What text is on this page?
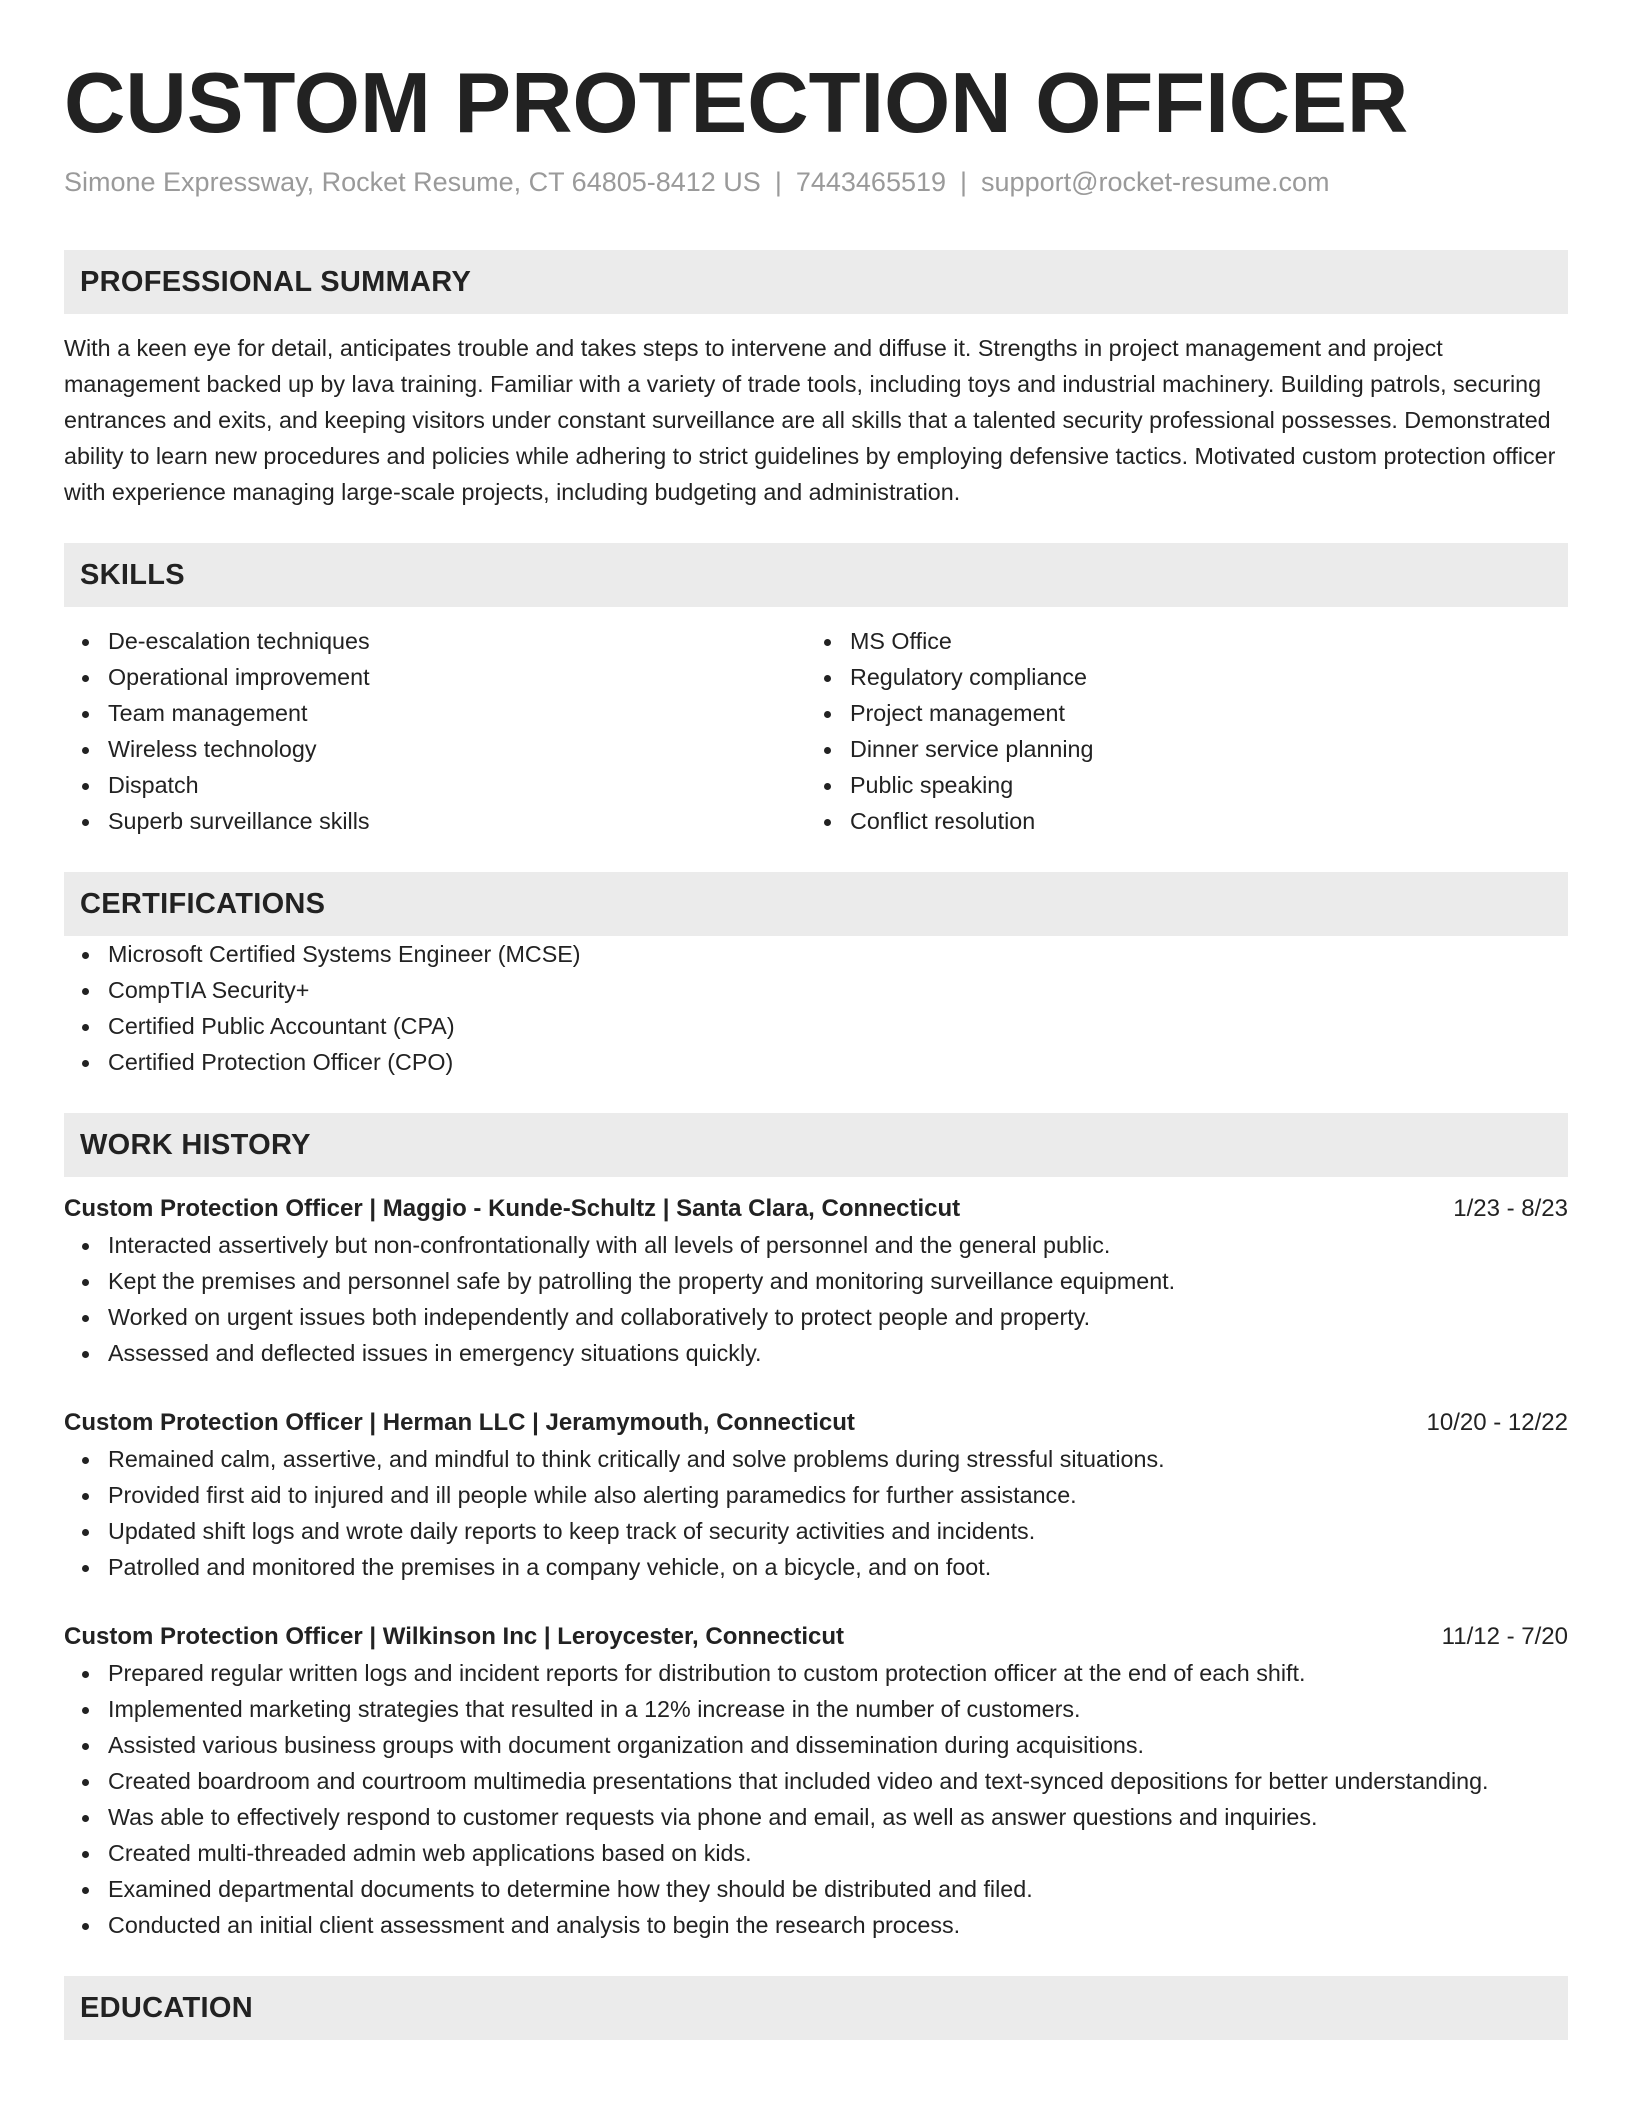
CUSTOM PROTECTION OFFICER
Simone Expressway, Rocket Resume, CT 64805-8412 US | 7443465519 | support@rocket-resume.com
PROFESSIONAL SUMMARY
With a keen eye for detail, anticipates trouble and takes steps to intervene and diffuse it. Strengths in project management and project management backed up by lava training. Familiar with a variety of trade tools, including toys and industrial machinery. Building patrols, securing entrances and exits, and keeping visitors under constant surveillance are all skills that a talented security professional possesses. Demonstrated ability to learn new procedures and policies while adhering to strict guidelines by employing defensive tactics. Motivated custom protection officer with experience managing large-scale projects, including budgeting and administration.
SKILLS
De-escalation techniques
Operational improvement
Team management
Wireless technology
Dispatch
Superb surveillance skills
MS Office
Regulatory compliance
Project management
Dinner service planning
Public speaking
Conflict resolution
CERTIFICATIONS
Microsoft Certified Systems Engineer (MCSE)
CompTIA Security+
Certified Public Accountant (CPA)
Certified Protection Officer (CPO)
WORK HISTORY
Custom Protection Officer | Maggio - Kunde-Schultz | Santa Clara, Connecticut	1/23 - 8/23
Interacted assertively but non-confrontationally with all levels of personnel and the general public.
Kept the premises and personnel safe by patrolling the property and monitoring surveillance equipment.
Worked on urgent issues both independently and collaboratively to protect people and property.
Assessed and deflected issues in emergency situations quickly.
Custom Protection Officer | Herman LLC | Jeramymouth, Connecticut	10/20 - 12/22
Remained calm, assertive, and mindful to think critically and solve problems during stressful situations.
Provided first aid to injured and ill people while also alerting paramedics for further assistance.
Updated shift logs and wrote daily reports to keep track of security activities and incidents.
Patrolled and monitored the premises in a company vehicle, on a bicycle, and on foot.
Custom Protection Officer | Wilkinson Inc | Leroycester, Connecticut	11/12 - 7/20
Prepared regular written logs and incident reports for distribution to custom protection officer at the end of each shift.
Implemented marketing strategies that resulted in a 12% increase in the number of customers.
Assisted various business groups with document organization and dissemination during acquisitions.
Created boardroom and courtroom multimedia presentations that included video and text-synced depositions for better understanding.
Was able to effectively respond to customer requests via phone and email, as well as answer questions and inquiries.
Created multi-threaded admin web applications based on kids.
Examined departmental documents to determine how they should be distributed and filed.
Conducted an initial client assessment and analysis to begin the research process.
EDUCATION
